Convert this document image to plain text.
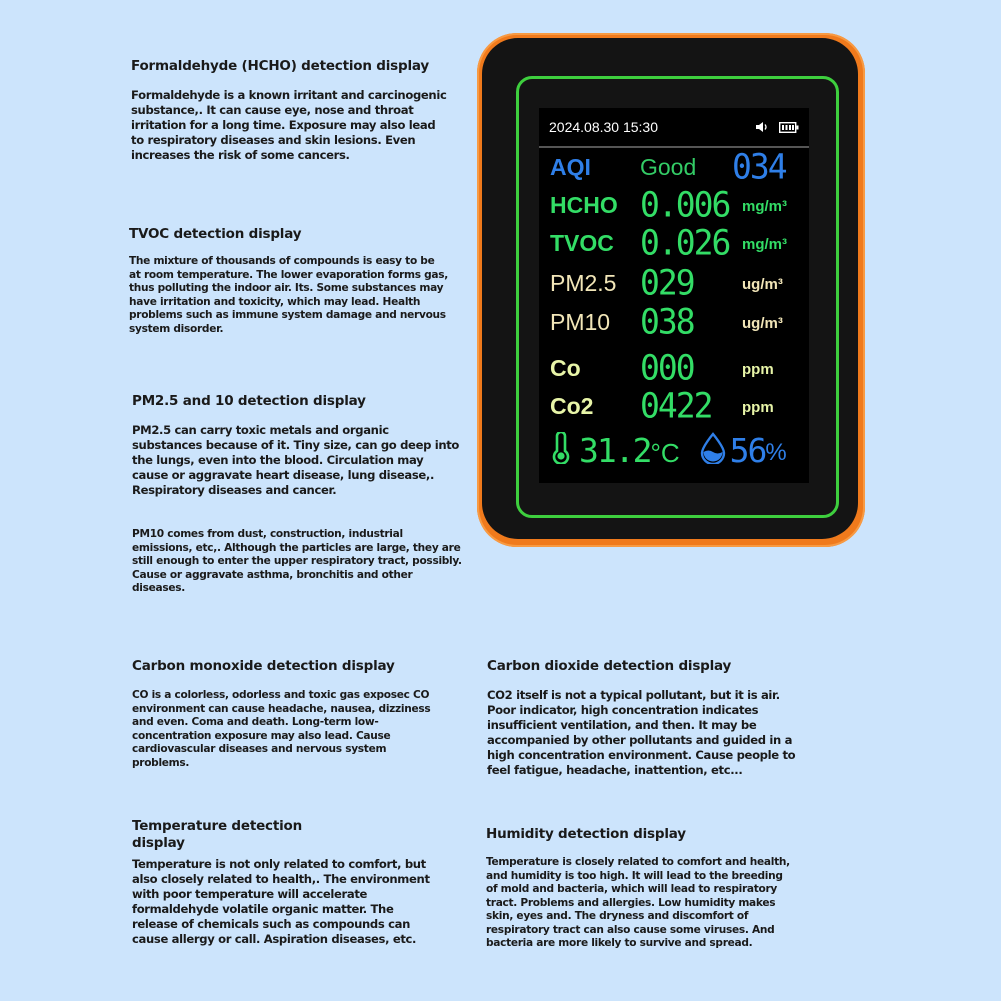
Formaldehyde (HCHO) detection display
Formaldehyde is a known irritant and carcinogenic substance,. It can cause eye, nose and throat irritation for a long time. Exposure may also lead to respiratory diseases and skin lesions. Even increases the risk of some cancers.
TVOC detection display
The mixture of thousands of compounds is easy to be at room temperature. The lower evaporation forms gas, thus polluting the indoor air. Its. Some substances may have irritation and toxicity, which may lead. Health problems such as immune system damage and nervous system disorder.
PM2.5 and 10 detection display
PM2.5 can carry toxic metals and organic substances because of it. Tiny size, can go deep into the lungs, even into the blood. Circulation may cause or aggravate heart disease, lung disease,. Respiratory diseases and cancer.
PM10 comes from dust, construction, industrial emissions, etc,. Although the particles are large, they are still enough to enter the upper respiratory tract, possibly. Cause or aggravate asthma, bronchitis and other diseases.
Carbon monoxide detection display
CO is a colorless, odorless and toxic gas exposec CO environment can cause headache, nausea, dizziness and even. Coma and death. Long-term low-concentration exposure may also lead. Cause cardiovascular diseases and nervous system problems.
Carbon dioxide detection display
CO2 itself is not a typical pollutant, but it is air. Poor indicator, high concentration indicates insufficient ventilation, and then. It may be accompanied by other pollutants and guided in a high concentration environment. Cause people to feel fatigue, headache, inattention, etc...
Temperature detection display
Temperature is not only related to comfort, but also closely related to health,. The environment with poor temperature will accelerate formaldehyde volatile organic matter. The release of chemicals such as compounds can cause allergy or call. Aspiration diseases, etc.
Humidity detection display
Temperature is closely related to comfort and health, and humidity is too high. It will lead to the breeding of mold and bacteria, which will lead to respiratory tract. Problems and allergies. Low humidity makes skin, eyes and. The dryness and discomfort of respiratory tract can also cause some viruses. And bacteria are more likely to survive and spread.
2024.08.30 15:30
AQI Good 034
HCHO 0.006 mg/m³
TVOC 0.026 mg/m³
PM2.5 029	ug/m³
PM10 038	ug/m³
Co 000	ppm
Co2 0422 ppm
31.2 °C 56 %
